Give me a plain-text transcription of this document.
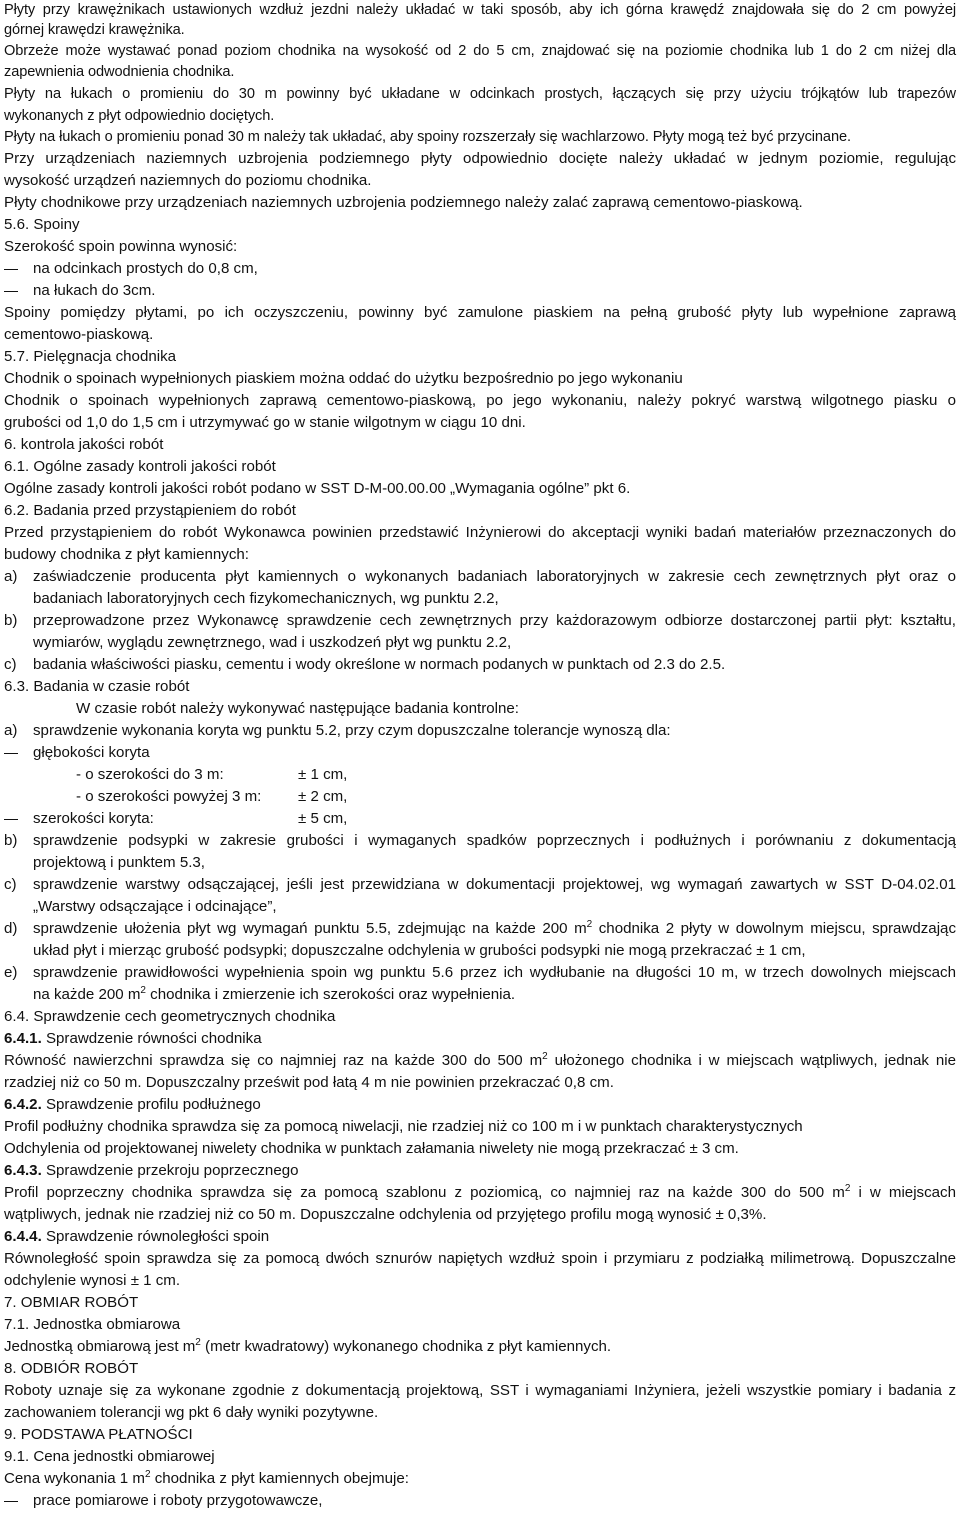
Płyty przy krawężnikach ustawionych wzdłuż jezdni należy układać w taki sposób, aby ich górna krawędź znajdowała się do 2 cm powyżej
górnej krawędzi krawężnika.
Obrzeże może wystawać ponad poziom chodnika na wysokość od 2 do 5 cm, znajdować się na poziomie chodnika lub 1 do 2 cm niżej dla
zapewnienia odwodnienia chodnika.
Płyty na łukach o promieniu do 30 m powinny być układane w odcinkach prostych, łączących się przy użyciu trójkątów lub trapezów
wykonanych z płyt odpowiednio dociętych.
Płyty na łukach o promieniu ponad 30 m należy tak układać, aby spoiny rozszerzały się wachlarzowo. Płyty mogą też być przycinane.
Przy urządzeniach naziemnych uzbrojenia podziemnego płyty odpowiednio docięte należy układać w jednym poziomie, regulując
wysokość urządzeń naziemnych do poziomu chodnika.
Płyty chodnikowe przy urządzeniach naziemnych uzbrojenia podziemnego należy zalać zaprawą cementowo-piaskową.
5.6. Spoiny
Szerokość spoin powinna wynosić:
na odcinkach prostych do 0,8 cm,
na łukach do 3cm.
Spoiny pomiędzy płytami, po ich oczyszczeniu, powinny być zamulone piaskiem na pełną grubość płyty lub wypełnione zaprawą
cementowo-piaskową.
5.7. Pielęgnacja chodnika
Chodnik o spoinach wypełnionych piaskiem można oddać do użytku bezpośrednio po jego wykonaniu
Chodnik o spoinach wypełnionych zaprawą cementowo-piaskową, po jego wykonaniu, należy pokryć warstwą wilgotnego piasku o
grubości od 1,0 do 1,5 cm i utrzymywać go w stanie wilgotnym w ciągu 10 dni.
6. kontrola jakości robót
6.1. Ogólne zasady kontroli jakości robót
Ogólne zasady kontroli jakości robót podano w SST D-M-00.00.00 „Wymagania ogólne” pkt 6.
6.2. Badania przed przystąpieniem do robót
Przed przystąpieniem do robót Wykonawca powinien przedstawić Inżynierowi do akceptacji wyniki badań materiałów przeznaczonych do
budowy chodnika z płyt kamiennych:
a) zaświadczenie producenta płyt kamiennych o wykonanych badaniach laboratoryjnych w zakresie cech zewnętrznych płyt oraz o
badaniach laboratoryjnych cech fizykomechanicznych, wg punktu 2.2,
b) przeprowadzone przez Wykonawcę sprawdzenie cech zewnętrznych przy każdorazowym odbiorze dostarczonej partii płyt: kształtu,
wymiarów, wyglądu zewnętrznego, wad i uszkodzeń płyt wg punktu 2.2,
c) badania właściwości piasku, cementu i wody określone w normach podanych w punktach od 2.3 do 2.5.
6.3. Badania w czasie robót
W czasie robót należy wykonywać następujące badania kontrolne:
a) sprawdzenie wykonania koryta wg punktu 5.2, przy czym dopuszczalne tolerancje wynoszą dla:
głębokości koryta
- o szerokości do 3 m:	± 1 cm,
- o szerokości powyżej 3 m: ± 2 cm,
szerokości koryta:	± 5 cm,
b) sprawdzenie podsypki w zakresie grubości i wymaganych spadków poprzecznych i podłużnych i porównaniu z dokumentacją
projektową i punktem 5.3,
c) sprawdzenie warstwy odsączającej, jeśli jest przewidziana w dokumentacji projektowej, wg wymagań zawartych w SST D-04.02.01
„Warstwy odsączające i odcinające”,
d) sprawdzenie ułożenia płyt wg wymagań punktu 5.5, zdejmując na każde 200 $m^2$ chodnika 2 płyty w dowolnym miejscu, sprawdzając
układ płyt i mierząc grubość podsypki; dopuszczalne odchylenia w grubości podsypki nie mogą przekraczać ± 1 cm,
e) sprawdzenie prawidłowości wypełnienia spoin wg punktu 5.6 przez ich wydłubanie na długości 10 m, w trzech dowolnych miejscach
na każde 200 $m^2$ chodnika i zmierzenie ich szerokości oraz wypełnienia.
6.4. Sprawdzenie cech geometrycznych chodnika
6.4.1. Sprawdzenie równości chodnika
Równość nawierzchni sprawdza się co najmniej raz na każde 300 do 500 $m^2$ ułożonego chodnika i w miejscach wątpliwych, jednak nie
rzadziej niż co 50 m. Dopuszczalny prześwit pod łatą 4 m nie powinien przekraczać 0,8 cm.
6.4.2. Sprawdzenie profilu podłużnego
Profil podłużny chodnika sprawdza się za pomocą niwelacji, nie rzadziej niż co 100 m i w punktach charakterystycznych
Odchylenia od projektowanej niwelety chodnika w punktach załamania niwelety nie mogą przekraczać ± 3 cm.
6.4.3. Sprawdzenie przekroju poprzecznego
Profil poprzeczny chodnika sprawdza się za pomocą szablonu z poziomicą, co najmniej raz na każde 300 do 500 $m^2$ i w miejscach
wątpliwych, jednak nie rzadziej niż co 50 m. Dopuszczalne odchylenia od przyjętego profilu mogą wynosić ± 0,3%.
6.4.4. Sprawdzenie równoległości spoin
Równoległość spoin sprawdza się za pomocą dwóch sznurów napiętych wzdłuż spoin i przymiaru z podziałką milimetrową. Dopuszczalne
odchylenie wynosi ± 1 cm.
7. OBMIAR ROBÓT
7.1. Jednostka obmiarowa
Jednostką obmiarową jest $m^2$ (metr kwadratowy) wykonanego chodnika z płyt kamiennych.
8. ODBIÓR ROBÓT
Roboty uznaje się za wykonane zgodnie z dokumentacją projektową, SST i wymaganiami Inżyniera, jeżeli wszystkie pomiary i badania z
zachowaniem tolerancji wg pkt 6 dały wyniki pozytywne.
9. PODSTAWA PŁATNOŚCI
9.1. Cena jednostki obmiarowej
Cena wykonania 1 $m^2$ chodnika z płyt kamiennych obejmuje:
prace pomiarowe i roboty przygotowawcze,
